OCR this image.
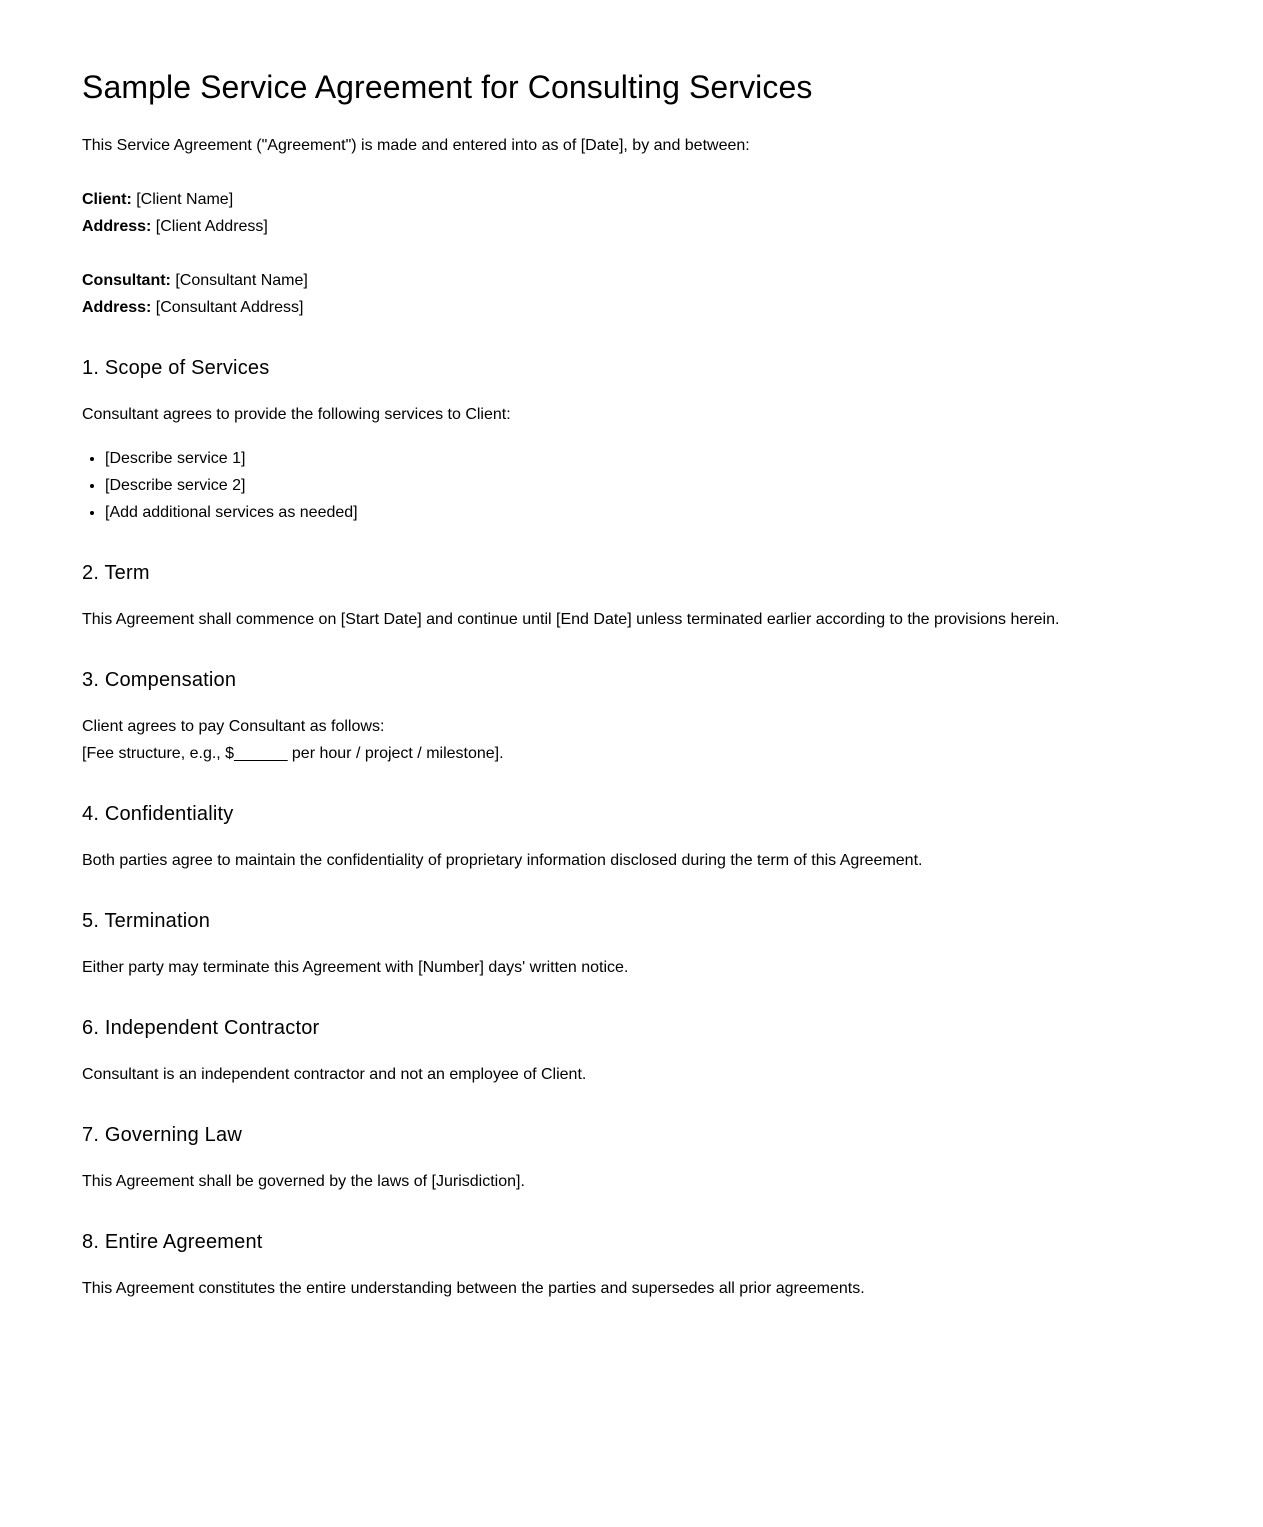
Sample Service Agreement for Consulting Services

This Service Agreement ("Agreement") is made and entered into as of [Date], by and between:

Client: [Client Name]

Address: [Client Address]

Consultant: [Consultant Name]

Address: [Consultant Address]

1. Scope of Services

Consultant agrees to provide the following services to Client:

• [Describe service 1]
• [Describe service 2]
• [Add additional services as needed]
2. Term

This Agreement shall commence on [Start Date] and continue until [End Date] unless terminated earlier according to the provisions herein.

3. Compensation

Client agrees to pay Consultant as follows:

[Fee structure, e.g., $______ per hour / project / milestone].

4. Confidentiality

Both parties agree to maintain the confidentiality of proprietary information disclosed during the term of this Agreement.

5. Termination

Either party may terminate this Agreement with [Number] days' written notice.

6. Independent Contractor

Consultant is an independent contractor and not an employee of Client.

7. Governing Law

This Agreement shall be governed by the laws of [Jurisdiction].

8. Entire Agreement

This Agreement constitutes the entire understanding between the parties and supersedes all prior agreements.
